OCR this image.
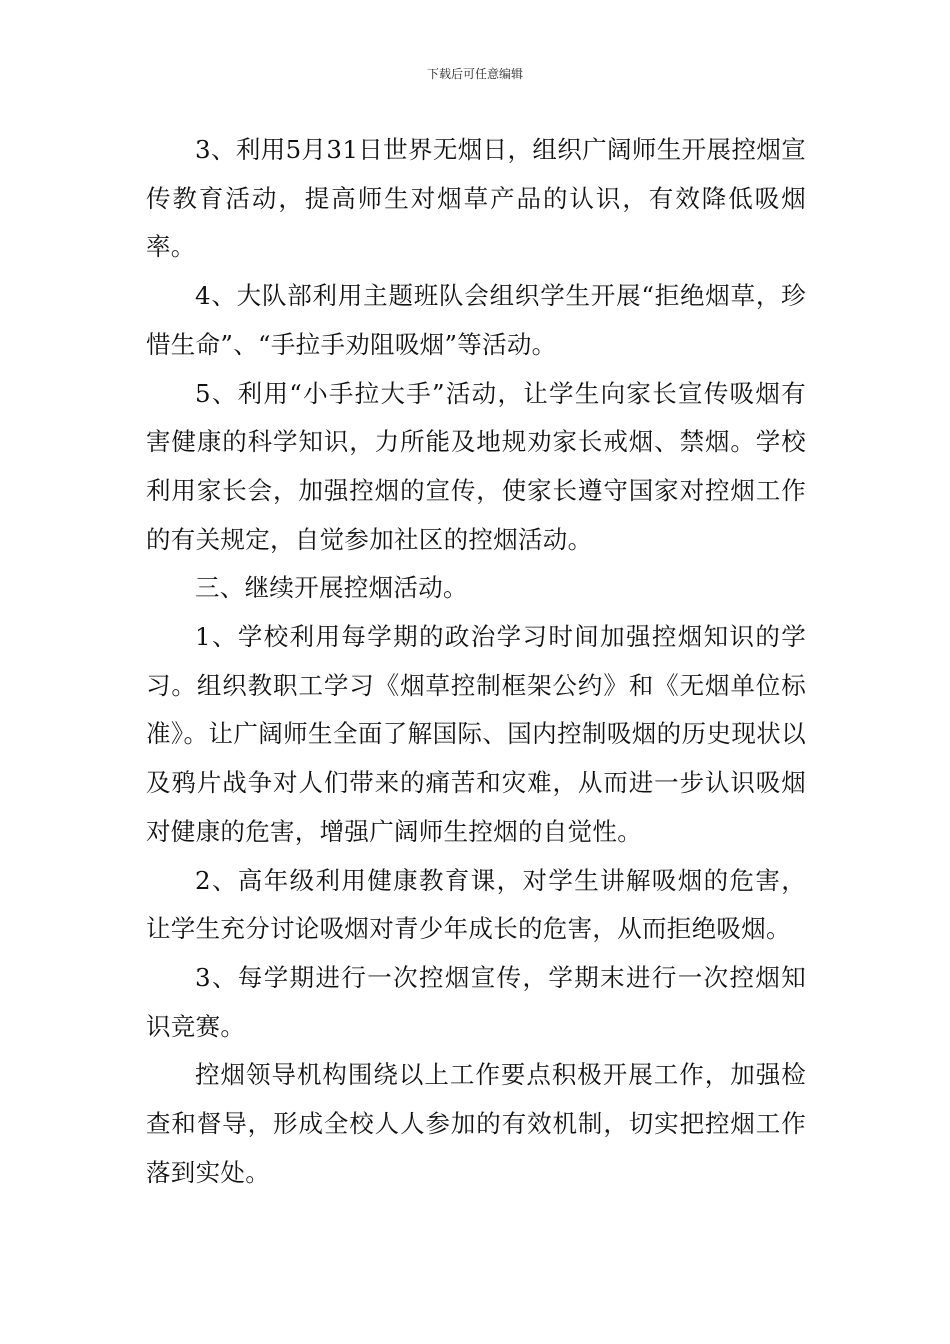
下载后可任意编辑

3、利用5月31日世界无烟日，组织广阔师生开展控烟宣传教育活动，提高师生对烟草产品的认识，有效降低吸烟率。

4、大队部利用主题班队会组织学生开展“拒绝烟草，珍惜生命”、“手拉手劝阻吸烟”等活动。

5、利用“小手拉大手”活动，让学生向家长宣传吸烟有害健康的科学知识，力所能及地规劝家长戒烟、禁烟。学校利用家长会，加强控烟的宣传，使家长遵守国家对控烟工作的有关规定，自觉参加社区的控烟活动。

三、继续开展控烟活动。

1、学校利用每学期的政治学习时间加强控烟知识的学习。组织教职工学习《烟草控制框架公约》和《无烟单位标准》。让广阔师生全面了解国际、国内控制吸烟的历史现状以及鸦片战争对人们带来的痛苦和灾难，从而进一步认识吸烟对健康的危害，增强广阔师生控烟的自觉性。

2、高年级利用健康教育课，对学生讲解吸烟的危害，让学生充分讨论吸烟对青少年成长的危害，从而拒绝吸烟。

3、每学期进行一次控烟宣传，学期末进行一次控烟知识竞赛。

控烟领导机构围绕以上工作要点积极开展工作，加强检查和督导，形成全校人人参加的有效机制，切实把控烟工作落到实处。
